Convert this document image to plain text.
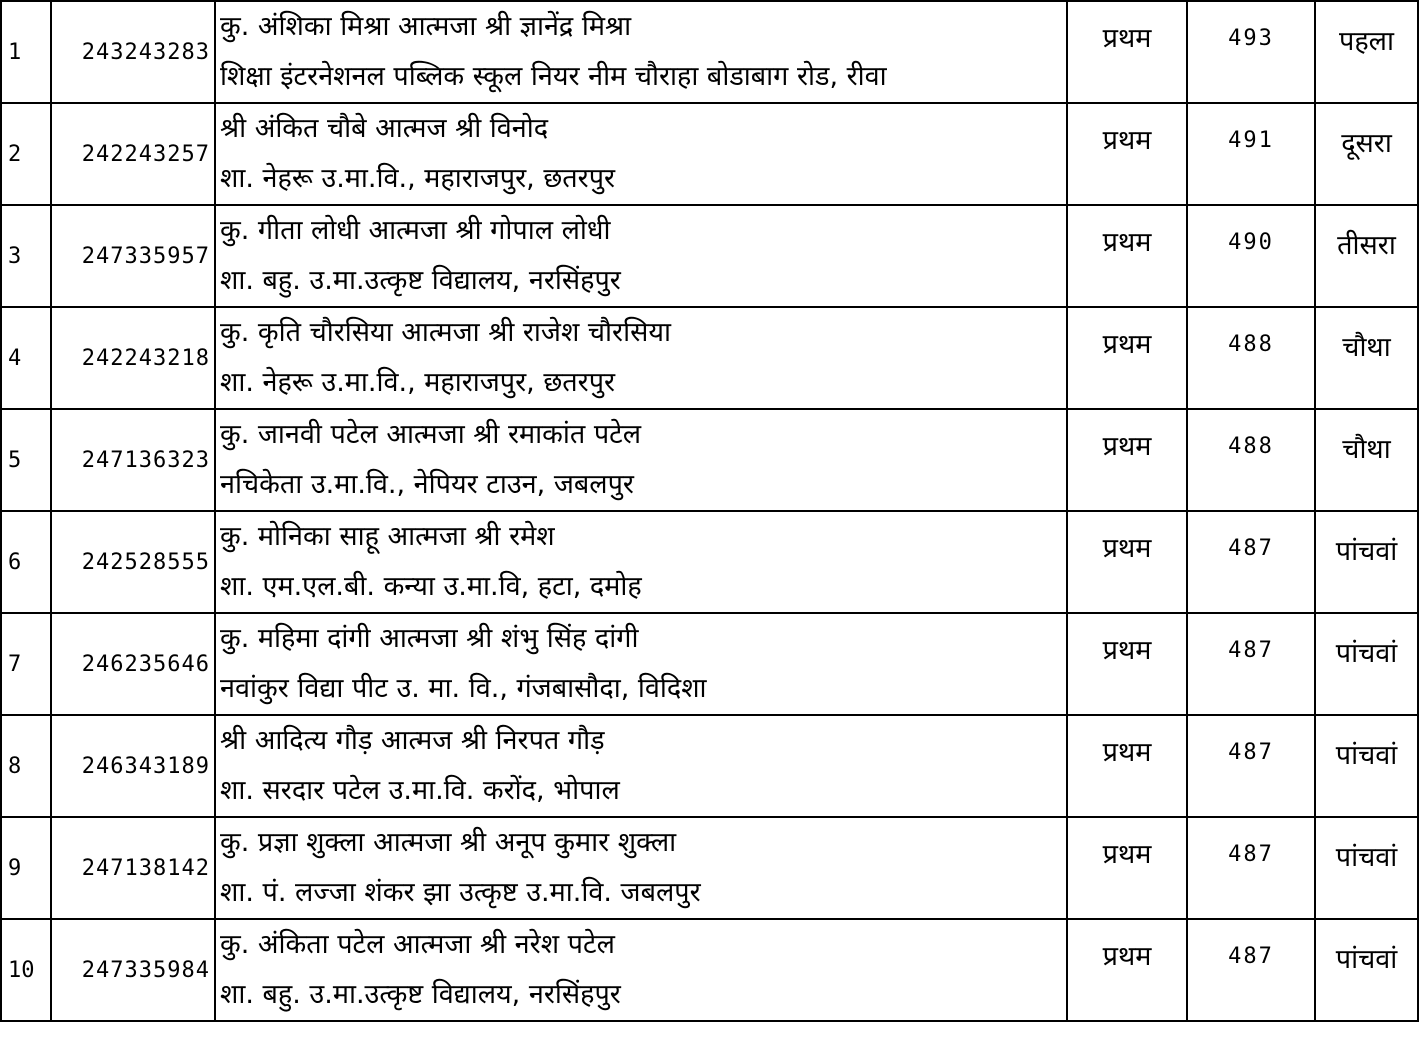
1	243243283	कु. अंशिका मिश्रा आत्मजा श्री ज्ञानेंद्र मिश्रा
शिक्षा इंटरनेशनल पब्लिक स्कूल नियर नीम चौराहा बोडाबाग रोड, रीवा	प्रथम	493	पहला
2	242243257	श्री अंकित चौबे आत्मज श्री विनोद
शा. नेहरू उ.मा.वि., महाराजपुर, छतरपुर	प्रथम	491	दूसरा
3	247335957	कु. गीता लोधी आत्मजा श्री गोपाल लोधी
शा. बहु. उ.मा.उत्कृष्ट विद्यालय, नरसिंहपुर	प्रथम	490	तीसरा
4	242243218	कु. कृति चौरसिया आत्मजा श्री राजेश चौरसिया
शा. नेहरू उ.मा.वि., महाराजपुर, छतरपुर	प्रथम	488	चौथा
5	247136323	कु. जानवी पटेल आत्मजा श्री रमाकांत पटेल
नचिकेता उ.मा.वि., नेपियर टाउन, जबलपुर	प्रथम	488	चौथा
6	242528555	कु. मोनिका साहू आत्मजा श्री रमेश
शा. एम.एल.बी. कन्या उ.मा.वि, हटा, दमोह	प्रथम	487	पांचवां
7	246235646	कु. महिमा दांगी आत्मजा श्री शंभु सिंह दांगी
नवांकुर विद्या पीट उ. मा. वि., गंजबासौदा, विदिशा	प्रथम	487	पांचवां
8	246343189	श्री आदित्य गौड़ आत्मज श्री निरपत गौड़
शा. सरदार पटेल उ.मा.वि. करोंद, भोपाल	प्रथम	487	पांचवां
9	247138142	कु. प्रज्ञा शुक्ला आत्मजा श्री अनूप कुमार शुक्ला
शा. पं. लज्जा शंकर झा उत्कृष्ट उ.मा.वि. जबलपुर	प्रथम	487	पांचवां
10	247335984	कु. अंकिता पटेल आत्मजा श्री नरेश पटेल
शा. बहु. उ.मा.उत्कृष्ट विद्यालय, नरसिंहपुर	प्रथम	487	पांचवां
